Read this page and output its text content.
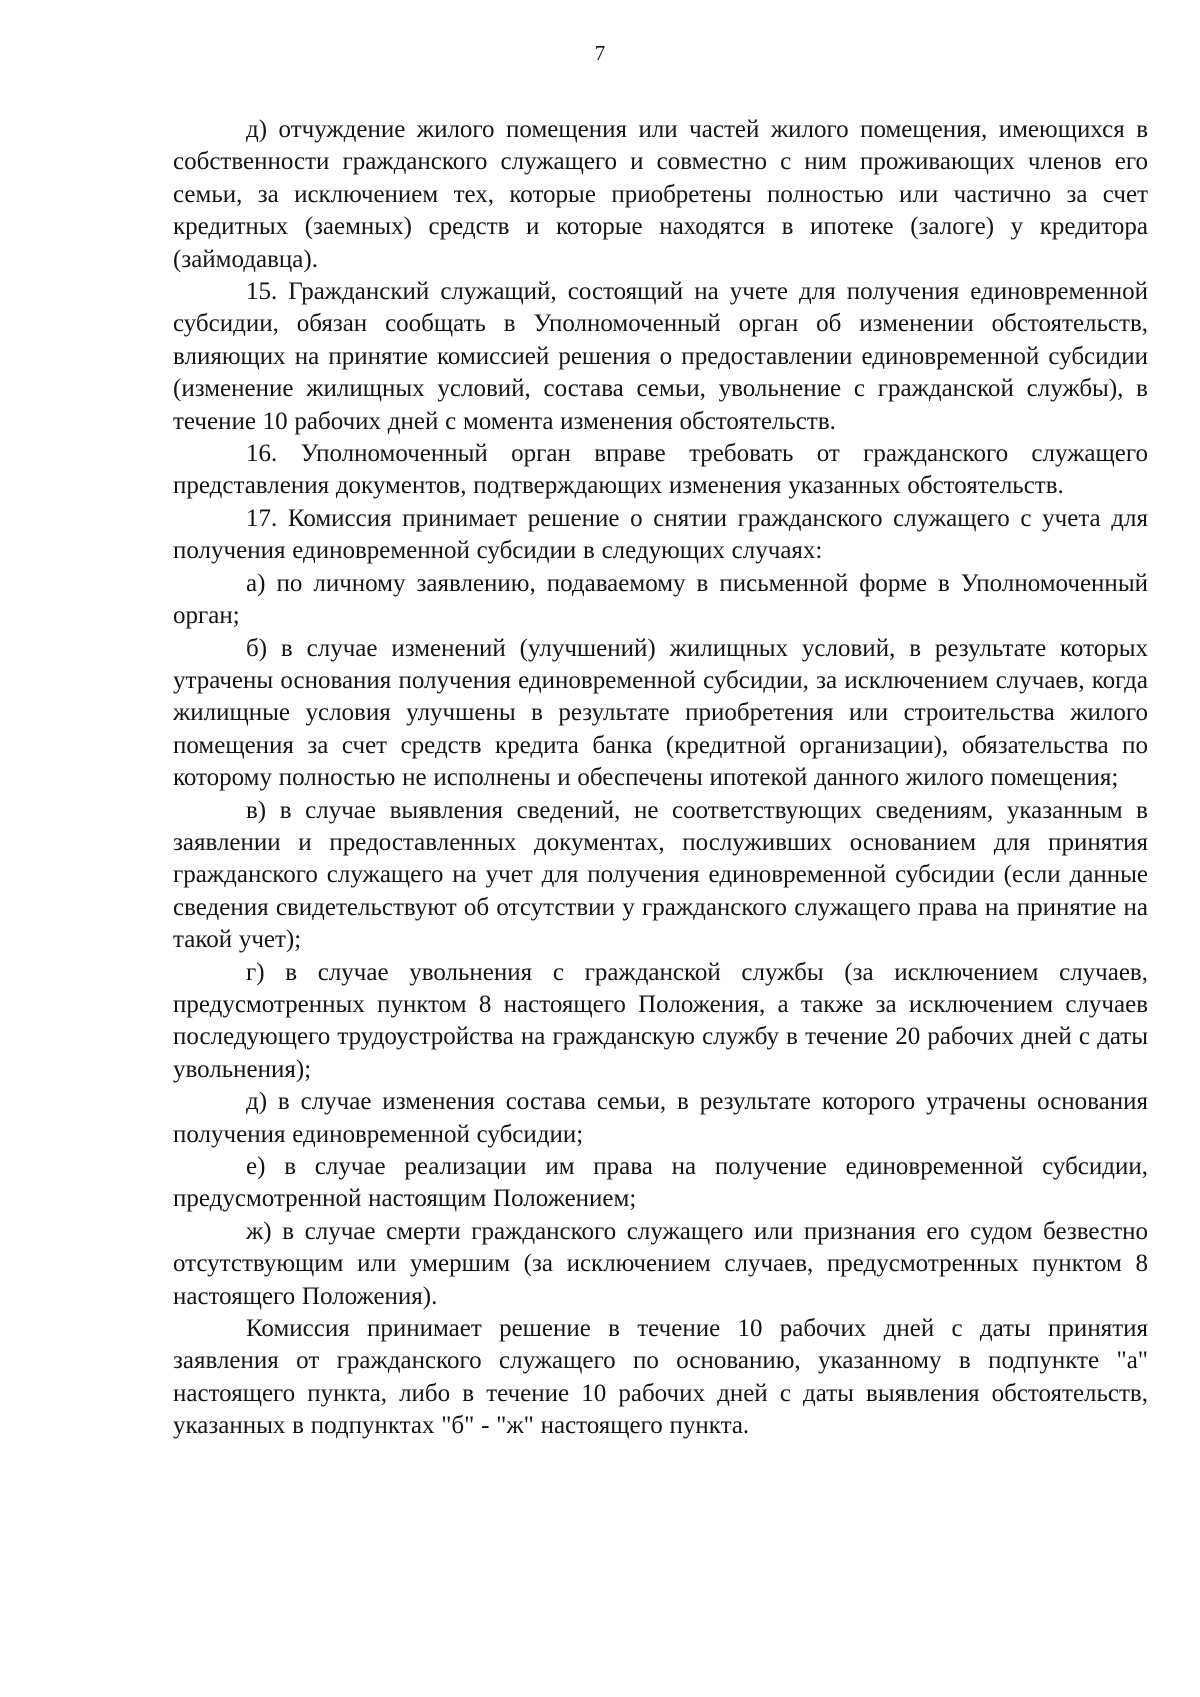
7

д) отчуждение жилого помещения или частей жилого помещения, имеющихся в собственности гражданского служащего и совместно с ним проживающих членов его семьи, за исключением тех, которые приобретены полностью или частично за счет кредитных (заемных) средств и которые находятся в ипотеке (залоге) у кредитора (займодавца).

15. Гражданский служащий, состоящий на учете для получения единовременной субсидии, обязан сообщать в Уполномоченный орган об изменении обстоятельств, влияющих на принятие комиссией решения о предоставлении единовременной субсидии (изменение жилищных условий, состава семьи, увольнение с гражданской службы), в течение 10 рабочих дней с момента изменения обстоятельств.

16. Уполномоченный орган вправе требовать от гражданского служащего представления документов, подтверждающих изменения указанных обстоятельств.

17. Комиссия принимает решение о снятии гражданского служащего с учета для получения единовременной субсидии в следующих случаях:

а) по личному заявлению, подаваемому в письменной форме в Уполномоченный орган;

б) в случае изменений (улучшений) жилищных условий, в результате которых утрачены основания получения единовременной субсидии, за исключением случаев, когда жилищные условия улучшены в результате приобретения или строительства жилого помещения за счет средств кредита банка (кредитной организации), обязательства по которому полностью не исполнены и обеспечены ипотекой данного жилого помещения;

в) в случае выявления сведений, не соответствующих сведениям, указанным в заявлении и предоставленных документах, послуживших основанием для принятия гражданского служащего на учет для получения единовременной субсидии (если данные сведения свидетельствуют об отсутствии у гражданского служащего права на принятие на такой учет);

г) в случае увольнения с гражданской службы (за исключением случаев, предусмотренных пунктом 8 настоящего Положения, а также за исключением случаев последующего трудоустройства на гражданскую службу в течение 20 рабочих дней с даты увольнения);

д) в случае изменения состава семьи, в результате которого утрачены основания получения единовременной субсидии;

е) в случае реализации им права на получение единовременной субсидии, предусмотренной настоящим Положением;

ж) в случае смерти гражданского служащего или признания его судом безвестно отсутствующим или умершим (за исключением случаев, предусмотренных пунктом 8 настоящего Положения).

Комиссия принимает решение в течение 10 рабочих дней с даты принятия заявления от гражданского служащего по основанию, указанному в подпункте "а" настоящего пункта, либо в течение 10 рабочих дней с даты выявления обстоятельств, указанных в подпунктах "б" - "ж" настоящего пункта.
